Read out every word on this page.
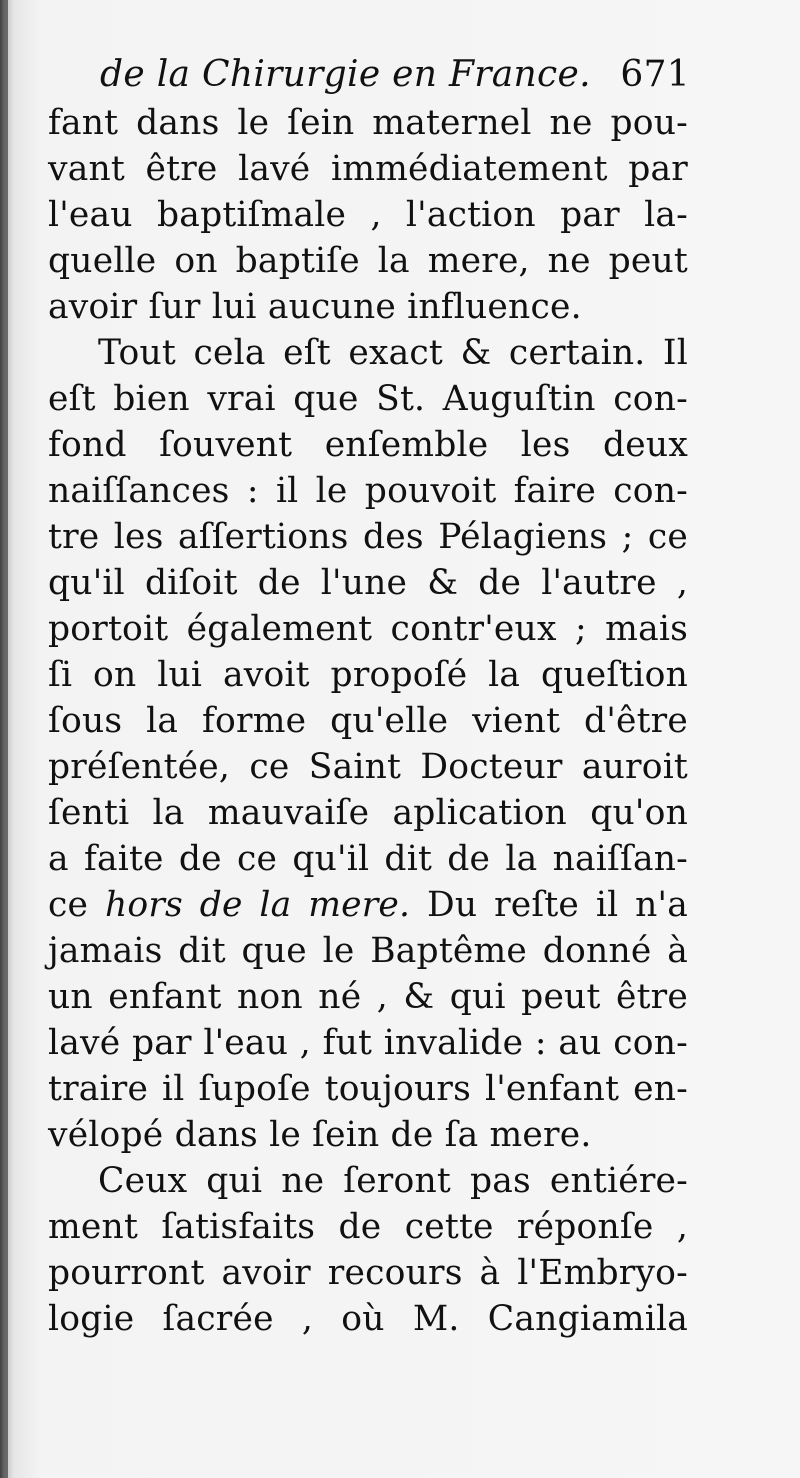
de la Chirurgie en France. 671
fant dans le ſein maternel ne pou-
vant être lavé immédiatement par
l'eau baptiſmale , l'action par la-
quelle on baptiſe la mere, ne peut
avoir ſur lui aucune influence.
Tout cela eſt exact & certain. Il
eſt bien vrai que St. Auguſtin con-
fond ſouvent enſemble les deux
naiſſances : il le pouvoit faire con-
tre les aſſertions des Pélagiens ; ce
qu'il diſoit de l'une & de l'autre ,
portoit également contr'eux ; mais
ſi on lui avoit propoſé la queſtion
ſous la forme qu'elle vient d'être
préſentée, ce Saint Docteur auroit
ſenti la mauvaiſe aplication qu'on
a faite de ce qu'il dit de la naiſſan-
ce hors de la mere. Du reſte il n'a
jamais dit que le Baptême donné à
un enfant non né , & qui peut être
lavé par l'eau , fut invalide : au con-
traire il ſupoſe toujours l'enfant en-
vélopé dans le ſein de ſa mere.
Ceux qui ne ſeront pas entiére-
ment ſatisfaits de cette réponſe ,
pourront avoir recours à l'Embryo-
logie ſacrée , où M. Cangiamila
